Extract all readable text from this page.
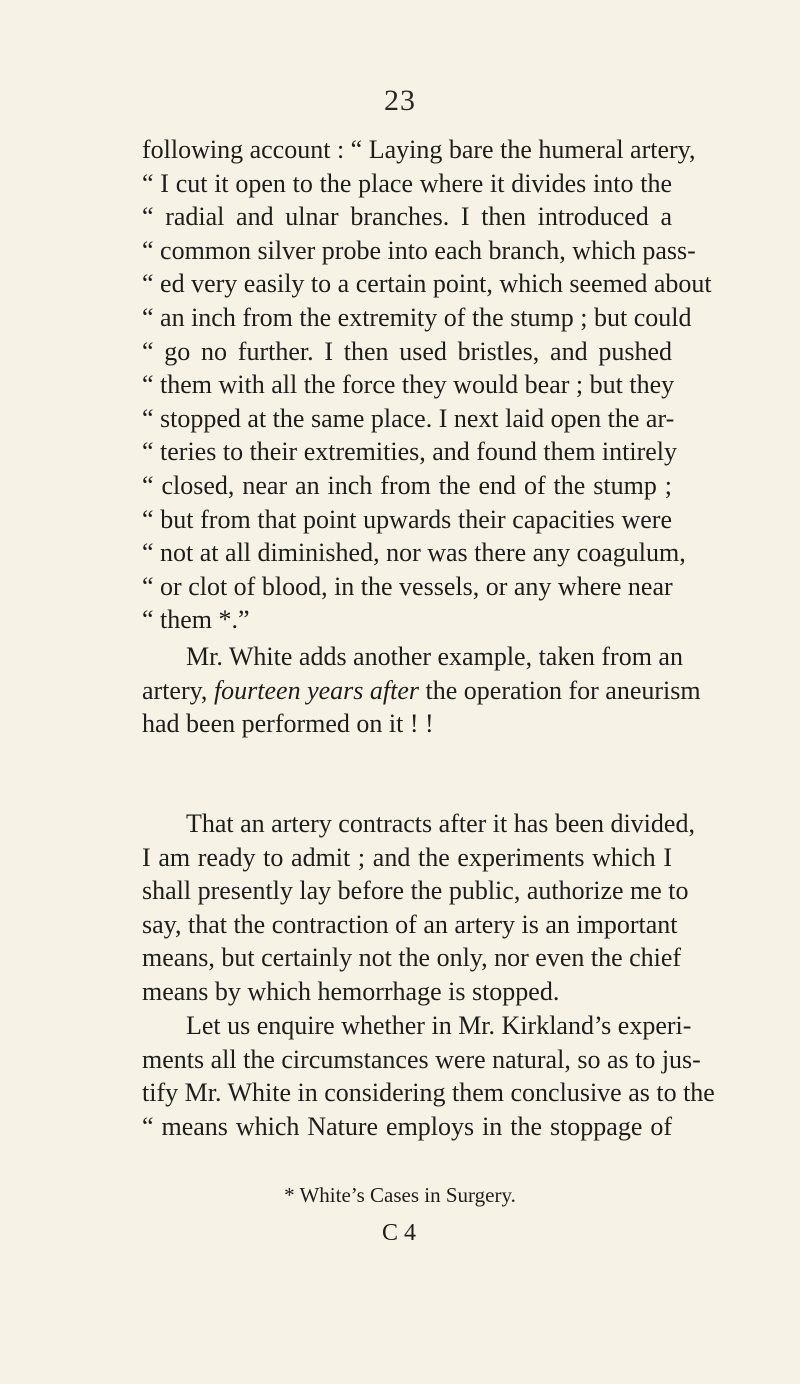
23
following account : “ Laying bare the humeral artery,
“ I cut it open to the place where it divides into the
“ radial and ulnar branches. I then introduced a
“ common silver probe into each branch, which pass-
“ ed very easily to a certain point, which seemed about
“ an inch from the extremity of the stump ; but could
“ go no further. I then used bristles, and pushed
“ them with all the force they would bear ; but they
“ stopped at the same place. I next laid open the ar-
“ teries to their extremities, and found them intirely
“ closed, near an inch from the end of the stump ;
“ but from that point upwards their capacities were
“ not at all diminished, nor was there any coagulum,
“ or clot of blood, in the vessels, or any where near
“ them *.”
Mr. White adds another example, taken from an
artery, fourteen years after the operation for aneurism
had been performed on it ! !
That an artery contracts after it has been divided,
I am ready to admit ; and the experiments which I
shall presently lay before the public, authorize me to
say, that the contraction of an artery is an important
means, but certainly not the only, nor even the chief
means by which hemorrhage is stopped.
Let us enquire whether in Mr. Kirkland’s experi-
ments all the circumstances were natural, so as to jus-
tify Mr. White in considering them conclusive as to the
“ means which Nature employs in the stoppage of
* White’s Cases in Surgery.
C 4
